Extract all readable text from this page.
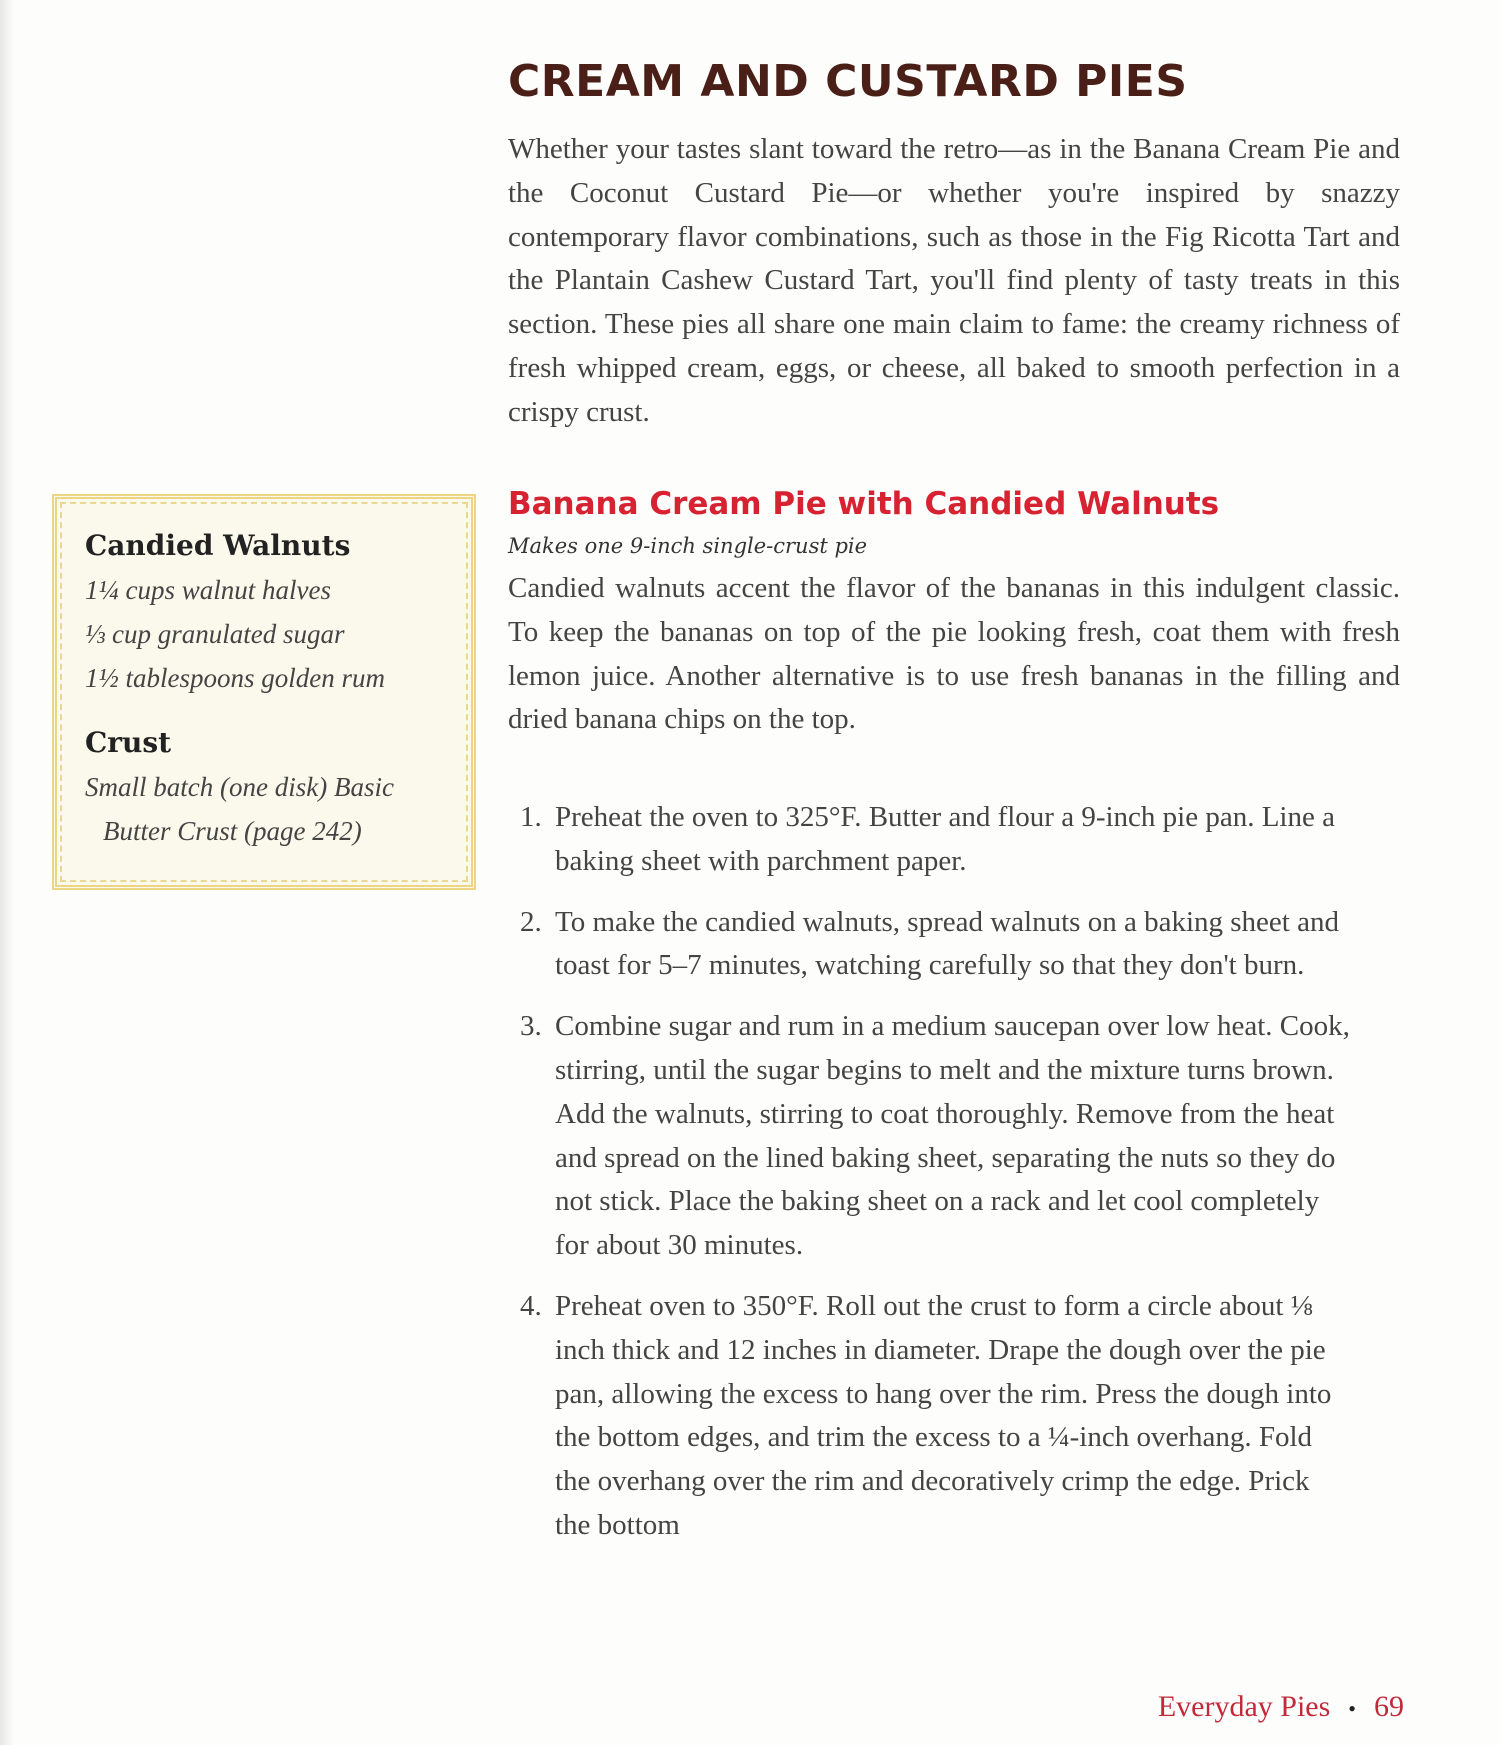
CREAM AND CUSTARD PIES

Whether your tastes slant toward the retro—as in the Banana Cream Pie and the Coconut Custard Pie—or whether you're inspired by snazzy contemporary flavor combinations, such as those in the Fig Ricotta Tart and the Plantain Cashew Custard Tart, you'll find plenty of tasty treats in this section. These pies all share one main claim to fame: the creamy richness of fresh whipped cream, eggs, or cheese, all baked to smooth perfection in a crispy crust.

Candied Walnuts

1¼ cups walnut halves

⅓ cup granulated sugar

1½ tablespoons golden rum

Crust

Small batch (one disk) Basic Butter Crust (page 242)

Banana Cream Pie with Candied Walnuts

Makes one 9-inch single-crust pie

Candied walnuts accent the flavor of the bananas in this indulgent classic. To keep the bananas on top of the pie looking fresh, coat them with fresh lemon juice. Another alternative is to use fresh bananas in the filling and dried banana chips on the top.

1. Preheat the oven to 325°F. Butter and flour a 9-inch pie pan. Line a baking sheet with parchment paper.
2. To make the candied walnuts, spread walnuts on a baking sheet and toast for 5–7 minutes, watching carefully so that they don't burn.
3. Combine sugar and rum in a medium saucepan over low heat. Cook, stirring, until the sugar begins to melt and the mixture turns brown. Add the walnuts, stirring to coat thoroughly. Remove from the heat and spread on the lined baking sheet, separating the nuts so they do not stick. Place the baking sheet on a rack and let cool completely for about 30 minutes.
4. Preheat oven to 350°F. Roll out the crust to form a circle about ⅛ inch thick and 12 inches in diameter. Drape the dough over the pie pan, allowing the excess to hang over the rim. Press the dough into the bottom edges, and trim the excess to a ¼-inch overhang. Fold the overhang over the rim and decoratively crimp the edge. Prick the bottom
Everyday Pies • 69
